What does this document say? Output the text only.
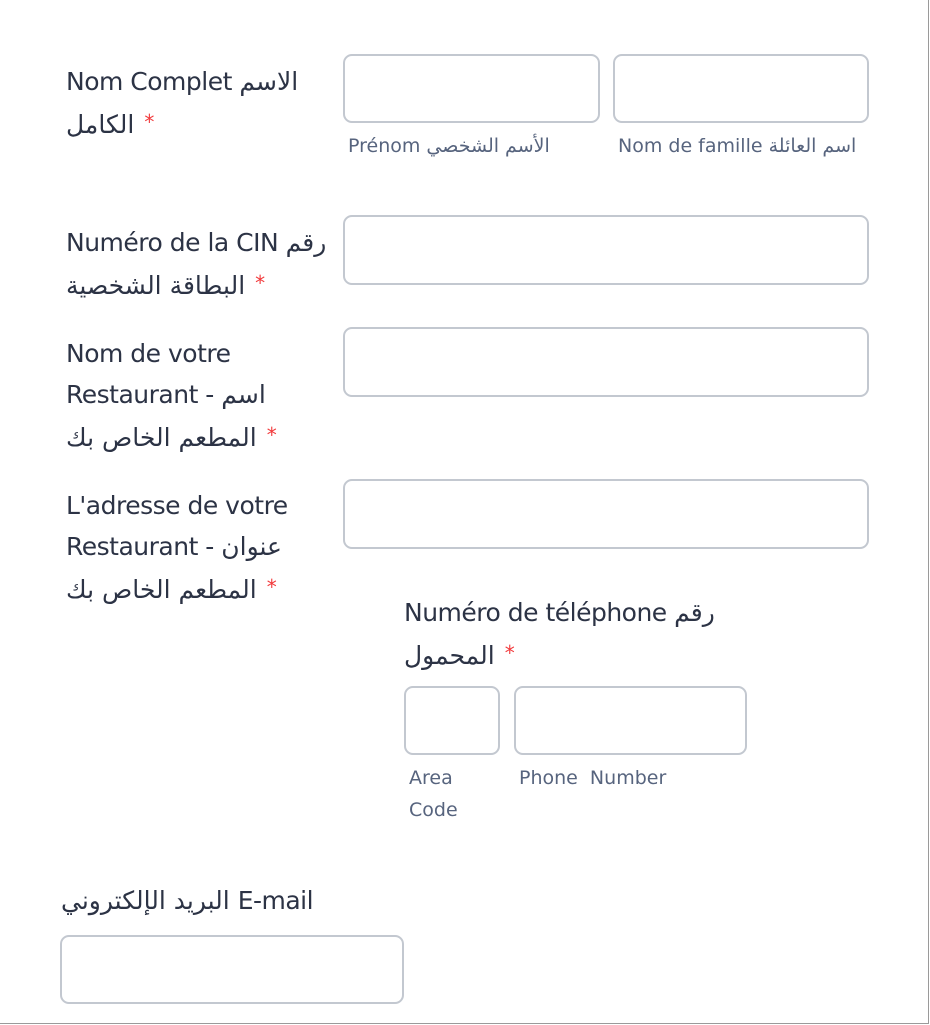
Nom Complet الاسم الكامل *
Prénom الأسم الشخصي	Nom de famille اسم العائلة
Numéro de la CIN رقم البطاقة الشخصية *
Nom de votre Restaurant - اسم المطعم الخاص بك *
L'adresse de votre Restaurant - عنوان المطعم الخاص بك *
Numéro de téléphone رقم المحمول *
Area Code
Phone  Number
البريد الإلكتروني E-mail
